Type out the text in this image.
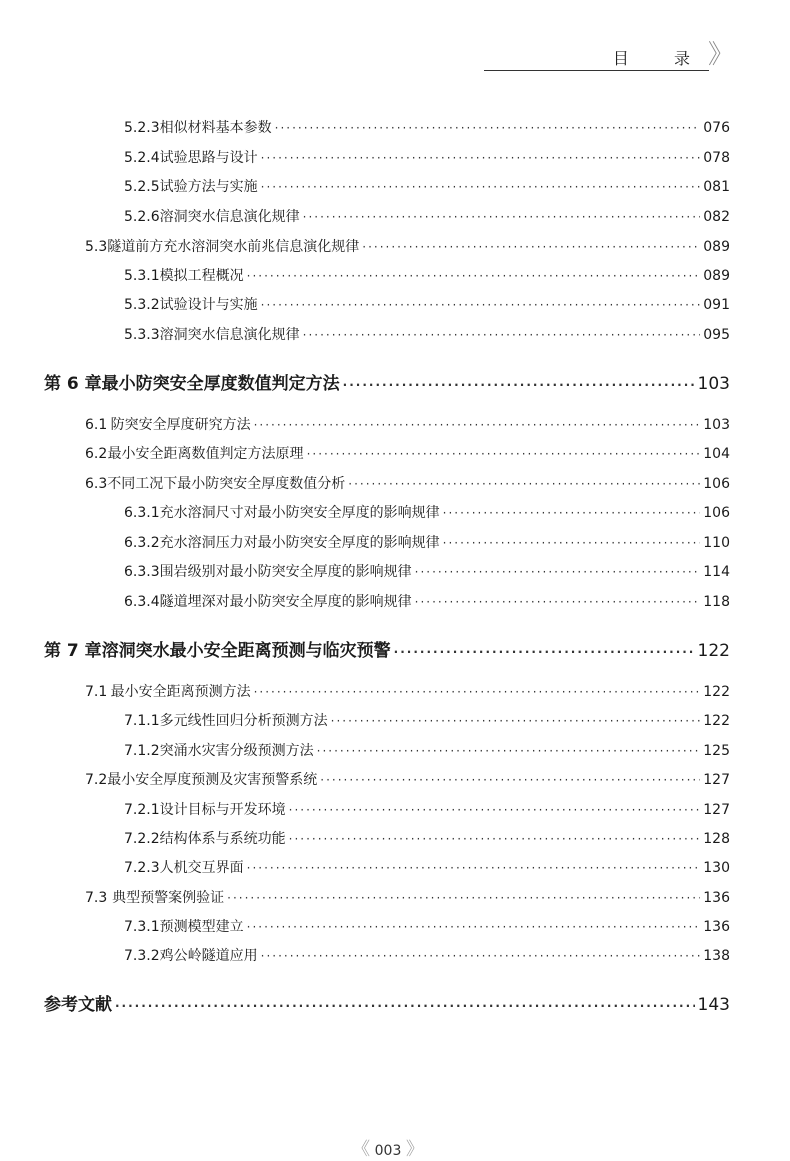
目 录
》
5.2.3 相似材料基本参数 ·····	076
5.2.4 试验思路与设计 ·····	078
5.2.5 试验方法与实施 ·····	081
5.2.6 溶洞突水信息演化规律 ·····	082
5.3 隧道前方充水溶洞突水前兆信息演化规律 ·····	089
5.3.1 模拟工程概况 ·····	089
5.3.2 试验设计与实施 ·····	091
5.3.3 溶洞突水信息演化规律 ·····	095
第 6 章 最小防突安全厚度数值判定方法 ·····	103
6.1 防突安全厚度研究方法 ·····	103
6.2 最小安全距离数值判定方法原理 ·····	104
6.3 不同工况下最小防突安全厚度数值分析 ·····	106
6.3.1 充水溶洞尺寸对最小防突安全厚度的影响规律 ·····	106
6.3.2 充水溶洞压力对最小防突安全厚度的影响规律 ·····	110
6.3.3 围岩级别对最小防突安全厚度的影响规律 ·····	114
6.3.4 隧道埋深对最小防突安全厚度的影响规律 ·····	118
第 7 章 溶洞突水最小安全距离预测与临灾预警 ·····	122
7.1 最小安全距离预测方法 ·····	122
7.1.1 多元线性回归分析预测方法 ·····	122
7.1.2 突涌水灾害分级预测方法 ·····	125
7.2 最小安全厚度预测及灾害预警系统 ·····	127
7.2.1 设计目标与开发环境 ·····	127
7.2.2 结构体系与系统功能 ·····	128
7.2.3 人机交互界面 ·····	130
7.3 典型预警案例验证 ·····	136
7.3.1 预测模型建立 ·····	136
7.3.2 鸡公岭隧道应用 ·····	138
参考文献 ·····	143
《 003 》
